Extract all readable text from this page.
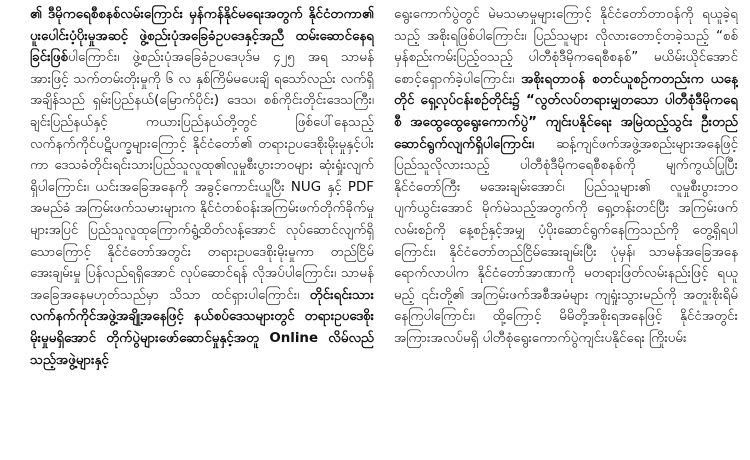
၏ ဒီမိုကရေစီစနစ်လမ်းကြောင်း မှန်ကန်နိုင်မရေးအတွက် နိုင်ငံတကာ၏ ပူးပေါင်းပံ့ပိုးမှုအဆင့် ဖွဲ့စည်းပုံအခြေခံဥပဒေနှင့်အညီ ထမ်းဆောင်နေရခြင်းဖြစ်ပါကြောင်း၊ ဖွဲ့စည်းပုံအခြေခံဥပဒေပုဒ်မ ၄၂၅ အရ သာမန်အားဖြင့် သက်တမ်းတိုးမှုကို ၆ လ နှစ်ကြိမ်မပေးချိ ရသော်လည်း လက်ရှိအချိန်သည် ရှမ်းပြည်နယ်(မြောက်ပိုင်း) ဒေသ၊ စစ်ကိုင်းတိုင်းဒေသကြီး၊ ချင်းပြည်နယ်နှင့် ကယားပြည်နယ်တို့တွင် ဖြစ်ပေါ်နေသည့် လက်နက်ကိုင်ပဋိပက္ခများကြောင့် နိုင်ငံတော်၏ တရားဥပဒေစိုးမိုးမှုနှင့်ပါးကာ ဒေသခံတိုင်းရင်းသားပြည်သူလူထု၏လူမှုစီးပွားဘဝများ ဆုံးရှုံးလျက်ရှိပါကြောင်း၊ ယင်းအခြေအနေကို အခွင့်ကောင်းယူပြီး NUG နှင့် PDF အမည်ခံ အကြမ်းဖက်သမားများက နိုင်ငံတစ်ဝန်းအကြမ်းဖက်တိုက်ခိုက်မှု များအပြင် ပြည်သူလူထုကြောက်ရွံ့ထိတ်လန့်အောင် လုပ်ဆောင်လျက်ရှိသောကြောင့် နိုင်ငံတော်အတွင်း တရားဥပဒေစိုးမိုးမှုကာ တည်ငြိမ်အေးချမ်းမှု ပြန်လည်ရရှိအောင် လုပ်ဆောင်ရန် လိုအပ်ပါကြောင်း၊ သာမန်အခြေအနေမဟုတ်သည်မှာ သိသာ ထင်ရှားပါကြောင်း၊ တိုင်းရင်းသားလက်နက်ကိုင်အဖွဲ့အချို့အနေဖြင့် နယ်စပ်ဒေသများတွင် တရားဥပဒေစိုးမိုးမှုမရှိအောင် တိုက်ပွဲများဖော်ဆောင်မှုနှင့်အတူ Online လိမ်လည်သည့်အဖွဲ့များနှင့်

ရွေးကောက်ပွဲတွင် မဲမသမာမှုများကြောင့် နိုင်ငံတော်တာဝန်ကို ရယူခဲ့ရသည့် အစိုးရဖြစ်ပါကြောင်း၊ ပြည်သူများ လိုလားတောင့်တခဲ့သည့် “စစ်မှန်စည်းကမ်းပြည့်ဝသည့် ပါတီစုံဒီမိုကရေစီစနစ်” မယိမ်းယိုင်အောင် စောင့်ရှောက်ခဲ့ပါကြောင်း၊ အစိုးရတာဝန် စတင်ယူစဉ်ကတည်းက ယနေ့တိုင် ရှေ့လုပ်ငန်းစဉ်တိုင်း၌ “လွတ်လပ်တရားမျှတသော ပါတီစုံဒီမိုကရေစီ အထွေထွေရွေးကောက်ပွဲ” ကျင်းပနိုင်ရေး အမြဲထည့်သွင်း ဦးတည်ဆောင်ရွက်လျက်ရှိပါကြောင်း၊ ဆန့်ကျင်ဖက်အဖွဲ့အစည်းများအနေဖြင့် ပြည်သူလိုလားသည့် ပါတီစုံဒီမိုကရေစီစနစ်ကို မျက်ကွယ်ပြုပြီး နိုင်ငံတော်ကြီး မအေးချမ်းအောင်၊ ပြည်သူများ၏ လူမှုစီးပွားဘဝပျက်ယွင်းအောင် မိုက်မဲသည့်အတွက်ကို ရှေ့တန်းတင်ပြီး အကြမ်းဖက်လမ်းစဉ်ကို နေ့စဉ်နှင့်အမျှ ပံ့ပိုးဆောင်ရွက်နေကြသည်ကို တွေ့ရှိရပါကြောင်း၊ နိုင်ငံတော်တည်ငြိမ်အေးချမ်းပြီး ပုံမှန်၊ သာမန်အခြေအနေရောက်လာပါက နိုင်ငံတော်အာဏာကို မတရားဖြတ်လမ်းနည်းဖြင့် ရယူမည့် ၎င်းတို့၏ အကြမ်းဖက်အစီအမံများ ကျရှုံးသွားမည်ကို အတူးစိုးရိမ်နေကြပါကြောင်း၊ ထို့ကြောင့် မိမိတို့အစိုးရအနေဖြင့် နိုင်ငံအတွင်း အကြားအလပ်မရှိ ပါတီစုံရွေးကောက်ပွဲကျင်းပနိုင်ရေး ကြိုးပမ်း
